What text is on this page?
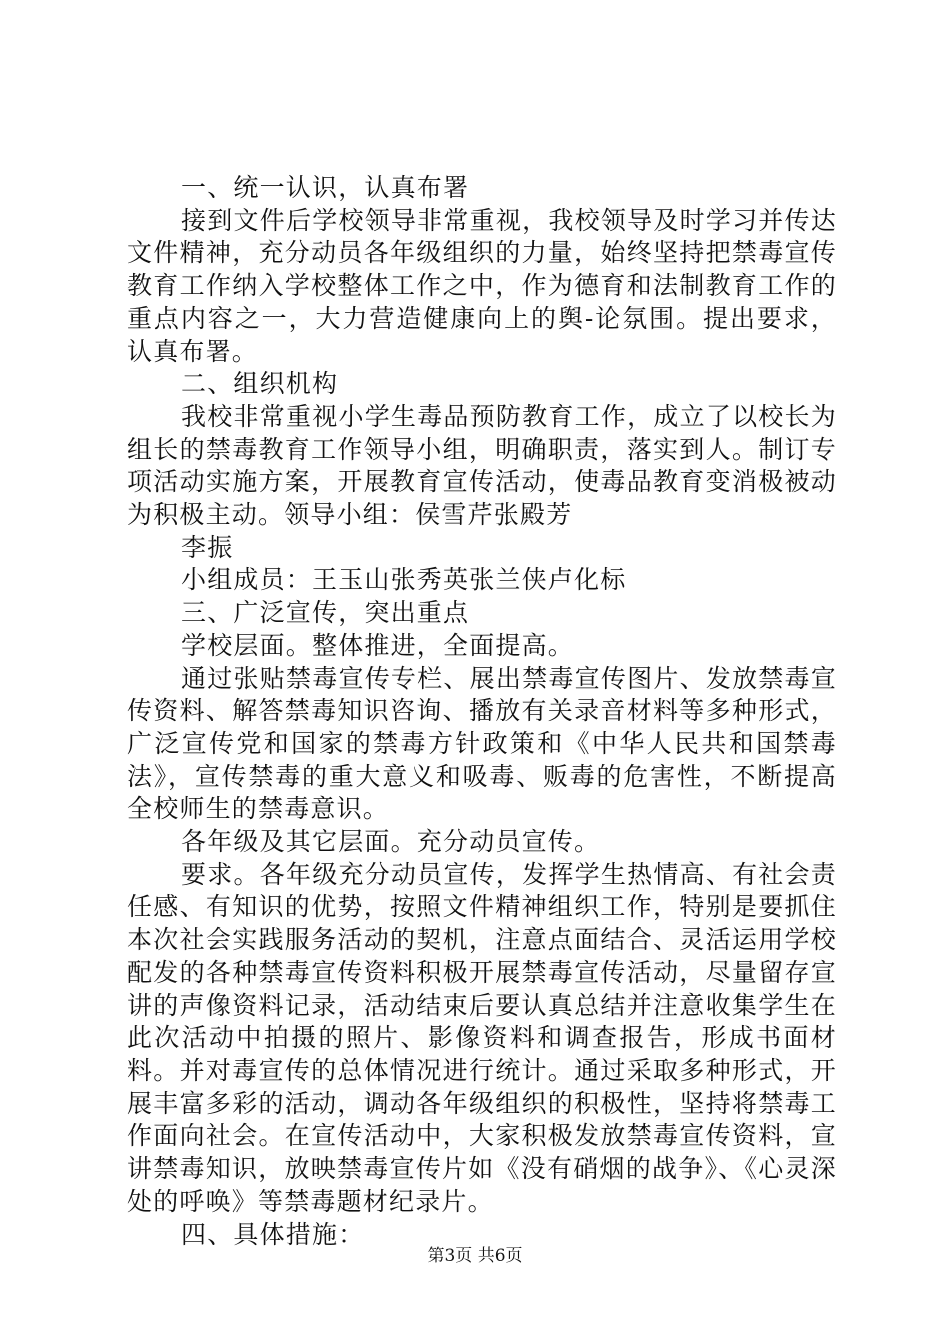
一、统一认识，认真布署

接到文件后学校领导非常重视，我校领导及时学习并传达文件精神，充分动员各年级组织的力量，始终坚持把禁毒宣传教育工作纳入学校整体工作之中，作为德育和法制教育工作的重点内容之一，大力营造健康向上的舆-论氛围。提出要求，认真布署。

二、组织机构

我校非常重视小学生毒品预防教育工作，成立了以校长为组长的禁毒教育工作领导小组，明确职责，落实到人。制订专项活动实施方案，开展教育宣传活动，使毒品教育变消极被动为积极主动。领导小组：侯雪芹张殿芳

李振

小组成员：王玉山张秀英张兰侠卢化标

三、广泛宣传，突出重点

学校层面。整体推进，全面提高。

通过张贴禁毒宣传专栏、展出禁毒宣传图片、发放禁毒宣传资料、解答禁毒知识咨询、播放有关录音材料等多种形式，广泛宣传党和国家的禁毒方针政策和《中华人民共和国禁毒法》，宣传禁毒的重大意义和吸毒、贩毒的危害性，不断提高全校师生的禁毒意识。

各年级及其它层面。充分动员宣传。

要求。各年级充分动员宣传，发挥学生热情高、有社会责任感、有知识的优势，按照文件精神组织工作，特别是要抓住本次社会实践服务活动的契机，注意点面结合、灵活运用学校配发的各种禁毒宣传资料积极开展禁毒宣传活动，尽量留存宣讲的声像资料记录，活动结束后要认真总结并注意收集学生在此次活动中拍摄的照片、影像资料和调查报告，形成书面材料。并对毒宣传的总体情况进行统计。通过采取多种形式，开展丰富多彩的活动，调动各年级组织的积极性，坚持将禁毒工作面向社会。在宣传活动中，大家积极发放禁毒宣传资料，宣讲禁毒知识，放映禁毒宣传片如《没有硝烟的战争》、《心灵深处的呼唤》等禁毒题材纪录片。

四、具体措施：

第3页 共6页
